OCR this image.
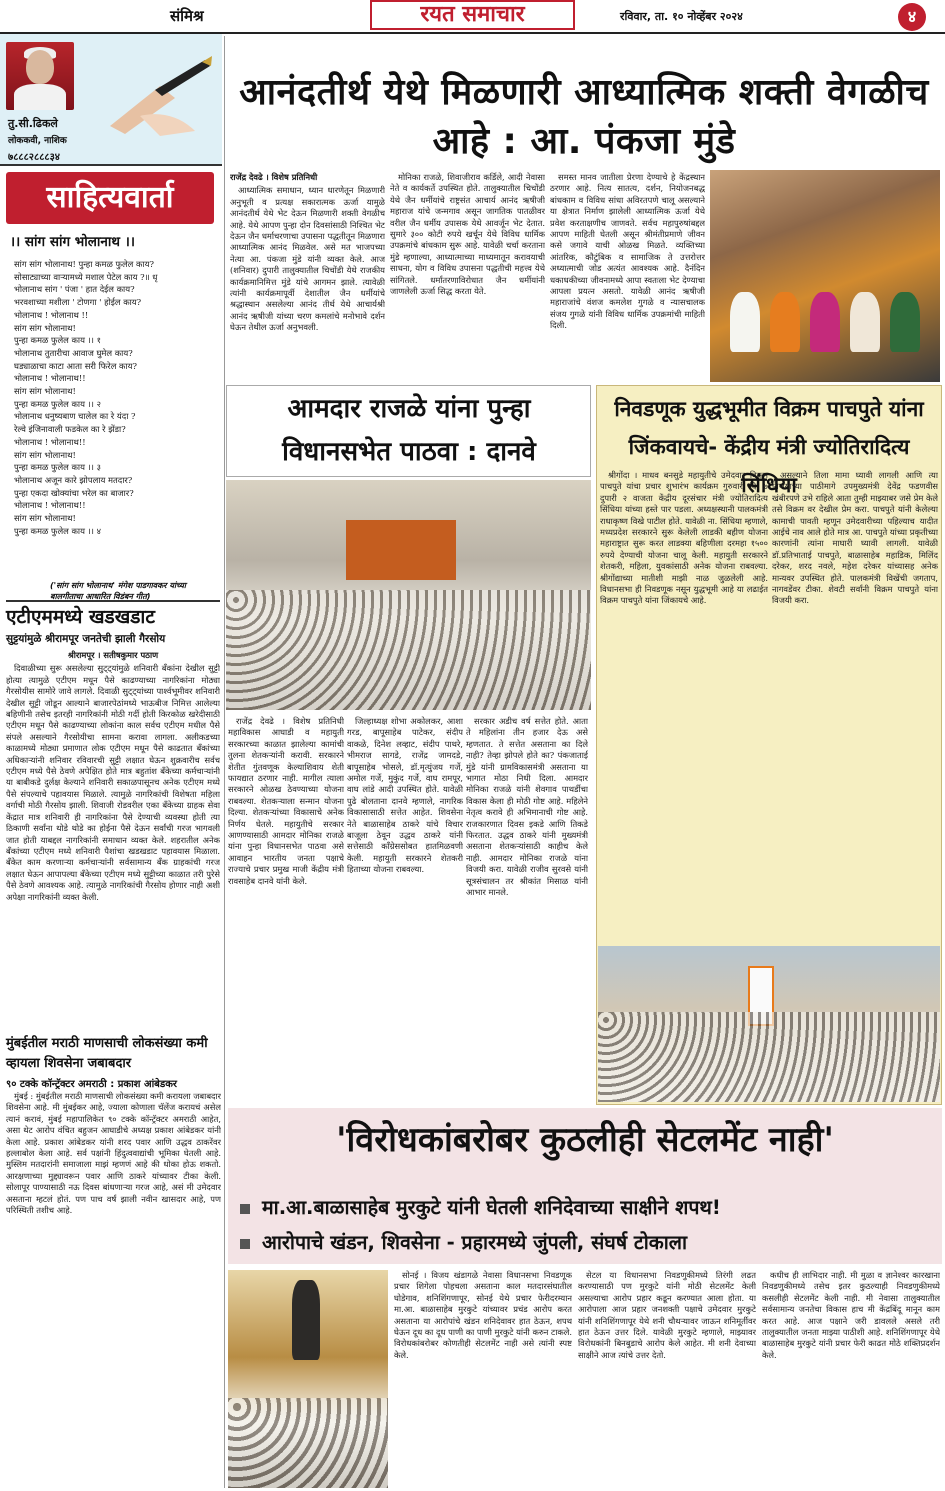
संमिश्र	रयत समाचार	रविवार, ता. १० नोव्हेंबर २०२४	४
तु.सी.ढिकले
लोककवी, नाशिक
७८८८२८८८३४
साहित्यवार्ता
।। सांग सांग भोलानाथ ।।
सांग सांग भोलानाथ! पुन्हा कमळ फुलेल काय?
सोसाट्याच्या वाऱ्यामध्ये मशाल पेटेल काय ?॥ धृ
भोलानाथ सांग ' पंजा ' हात देईल काय?
भरवशाच्या मशीला ' टोणगा ' होईल काय?
भोलानाथ ! भोलानाथ !!
सांग सांग भोलानाथ!
पुन्हा कमळ फुलेल काय ।। १
भोलानाथ तुतारीचा आवाज घुमेल काय?
घड्याळाचा काटा आता सरी फिरेल काय?
भोलानाथ ! भोलानाथ!!
सांग सांग भोलानाथ!
पुन्हा कमळ फुलेल काय ।। २
भोलानाथ धनुष्यबाण चालेल का रे यंदा ?
रेल्वे इंजिनावाली फडकेल का रे झेंडा?
भोलानाथ ! भोलानाथ!!
सांग सांग भोलानाथ!
पुन्हा कमळ फुलेल काय ।। ३
भोलानाथ अजून कारे झोपलाय मतदार?
पुन्हा एकदा खोक्यांचा भरेल का बाजार?
भोलानाथ ! भोलानाथ!!
सांग सांग भोलानाथ!
पुन्हा कमळ फुलेल काय ।। ४
('सांग सांग भोलानाथ' मंगेश पाडगावकर यांच्या बालगीताचा आधारित विडंबन गीत)
एटीएममध्ये खडखडाट
सुट्टयांमुळे श्रीरामपूर जनतेची झाली गैरसोय

श्रीरामपूर । सतीषकुमार पठाण

दिवाळीच्या सुरू असलेल्या सुट्ट्यांमुळे शनिवारी बँकांना देखील सुट्टी होत्या त्यामुळे एटीएम मधून पैसे काढण्याच्या नागरिकांना मोठ्या गैरसोयीस सामोरे जावे लागले. दिवाळी सुट्ट्यांच्या पार्श्वभूमीवर शनिवारी देखील सुट्टी जोडून आल्याने बाजारपेठांमध्ये भाऊबीज निमित्त आलेल्या बहिणीनी तसेच इतरही नागरिकांनी मोठी गर्दी होती किरकोळ खरेदीसाठी एटीएम मधून पैसे काढण्याच्या लोकांना काल सर्वच एटीएम मधील पैसे संपले असल्याने गैरसोयीचा सामना करावा लागला. अलीकडच्या काळामध्ये मोठ्या प्रमाणात लोक एटीएम मधून पैसे काढतात बँकांच्या अधिकाऱ्यांनी शनिवार रविवारची सुट्टी लक्षात घेऊन शुक्रवारीच सर्वच एटीएम मध्ये पैसे ठेवणे अपेक्षित होते मात्र बहुतांश बँकेच्या कर्मचाऱ्यांनी या बाबीकडे दुर्लक्ष केल्याने शनिवारी सकाळपासूनच अनेक एटीएम मध्ये पैसे संपल्याचे पहावयास मिळाले. त्यामुळे नागरिकांची विशेषता महिला वर्गाची मोठी गैरसोय झाली. शिवाजी रोडवरील एका बँकेच्या ग्राहक सेवा केंद्रात मात्र शनिवारी ही नागरिकांना पैसे देण्याची व्यवस्था होती त्या ठिकाणी सर्वांना थोडे थोडे का होईना पैसे देऊन सर्वांची गरज भागवली जात होती याबद्दल नागरिकांनी समाधान व्यक्त केले. शहरातील अनेक बँकांच्या एटीएम मध्ये शनिवारी पैशांचा खडखडाट पहावयास मिळाला. बँकेत काम करणाऱ्या कर्मचाऱ्यांनी सर्वसामान्य बँक ग्राहकांची गरज लक्षात घेऊन आपापल्या बँकेच्या एटीएम मध्ये सुट्टीच्या काळात तरी पुरेसे पैसे ठेवणे आवश्यक आहे. त्यामुळे नागरिकांची गैरसोय होणार नाही अशी अपेक्षा नागरिकांनी व्यक्त केली.

मुंबईतील मराठी माणसाची लोकसंख्या कमी व्हायला शिवसेना जबाबदार
९० टक्के कॉन्ट्रॅक्टर अमराठी : प्रकाश आंबेडकर

मुंबई : मुंबईतील मराठी माणसाची लोकसंख्या कमी करायला जबाबदार शिवसेना आहे. मी मुंबईकर आहे, ज्याला कोणाला चॅलेंज करायचं असेल त्यानं करावं, मुंबई महापालिकेत ९० टक्के कॉन्ट्रॅक्टर अमराठी आहेत, असा थेट आरोप वंचित बहुजन आघाडीचे अध्यक्ष प्रकाश आंबेडकर यांनी केला आहे. प्रकाश आंबेडकर यांनी शरद पवार आणि उद्धव ठाकरेंवर हल्लाबोल केला आहे. सर्व पक्षांनी हिंदुत्ववाद्यांची भूमिका घेतली आहे. मुस्लिम मतदारांनी समाजाला माझं म्हणणं आहे की धोका होऊ शकतो. आरक्षणाच्या मुद्द्यावरून पवार आणि ठाकरे यांच्यावर टीका केली. सोलापूर पाण्यासाठी नऊ दिवस बांधणाऱ्या गरज आहे, असं मी उमेदवार असताना म्हटलं होतं. पण पाच वर्षं झाली नवीन खासदार आहे, पण परिस्थिती तशीच आहे.

आनंदतीर्थ येथे मिळणारी आध्यात्मिक शक्ती वेगळीच आहे : आ. पंकजा मुंडे

राजेंद्र देवढे । विशेष प्रतिनिधी

आध्यात्मिक समाधान, ध्यान धारणेतून मिळणारी अनुभूती व प्रत्यक्ष सकारात्मक ऊर्जा यामुळे आनंदतीर्थ येथे भेट देऊन मिळणारी शक्ती वेगळीच आहे. येथे आपण पुन्हा दोन दिवसांसाठी निश्चित भेट देऊन जैन धर्माचरणाचा उपासना पद्धतीतून मिळणारा आध्यात्मिक आनंद मिळवेल. असे मत भाजपच्या नेत्या आ. पंकजा मुंडे यांनी व्यक्त केले. आज (शनिवार) दुपारी तालुक्यातील चिचोंडी येथे राजकीय कार्यक्रमानिमित्त मुंडे यांचे आगमन झाले. त्यावेळी त्यांनी कार्यक्रमापूर्वी देशातील जैन धर्मीयांचे श्रद्धास्थान असलेल्या आनंद तीर्थ येथे आचार्यश्री आनंद ऋषीजी यांच्या चरण कमलांचे मनोभावे दर्शन घेऊन तेथील ऊर्जा अनुभवली.

मोनिका राजळे, शिवाजीराव कर्डिले, आदी नेवासा नेते व कार्यकर्ते उपस्थित होते. तालुक्यातील चिचोंडी येथे जैन धर्मीयांचे राष्ट्रसंत आचार्य आनंद ऋषीजी महाराज यांचे जन्मगाव असून जागतिक पातळीवर वरील जैन धर्मीय उपासक येथे आवर्जून भेट देतात. सुमारे ३०० कोटी रुपये खर्चून येथे विविध धार्मिक उपक्रमांचे बांधकाम सुरू आहे. यावेळी चर्चा करताना मुंडे म्हणाल्या, आध्यात्माच्या माध्यमातून करावयाची साधना, योग व विविध उपासना पद्धतीची महत्त्व येथे सांगितले. धर्मांतरणाविरोधात जैन धर्मीयांनी जाणलेली ऊर्जा सिद्ध करता येते.

समस्त मानव जातीला प्रेरणा देण्याचे हे केंद्रस्थान ठरणार आहे. नित्य सातत्य, दर्शन, नियोजनबद्ध बांधकाम व विविध सांधा अविरतपणे चालू असल्याने या क्षेत्रात निर्माण झालेली आध्यात्मिक ऊर्जा येथे प्रवेश करताक्षणीच जाणवते. सर्वच महापुरुषांबद्दल आपण माहिती घेतली असून श्रीमंतीप्रमाणे जीवन कसे जगावे याची ओळख मिळते. व्यक्तिच्या आंतरिक, कौटुंबिक व सामाजिक ते उत्तरोत्तर अध्यात्माची जोड अत्यंत आवश्यक आहे. दैनंदिन धकाधकीच्या जीवनामध्ये आपा स्वतःला भेट देण्याचा आपला प्रयत्न असतो. यावेळी आनंद ऋषीजी महाराजांचे वंशज कमलेश गुगळे व न्यासचालक संजय गुगळे यांनी विविध धार्मिक उपक्रमांची माहिती दिली.

आमदार राजळे यांना पुन्हा विधानसभेत पाठवा : दानवे

राजेंद्र देवढे । विशेष प्रतिनिधी महाविकास आघाडी व महायुती सरकारच्या काळात झालेल्या कामांची तुलना शेतकऱ्यांनी करावी. सरकारने शेतीत गुंतवणूक केल्याशिवाय शेती फायद्यात ठरणार नाही. मागील त्याला सरकारने ओळख ठेवण्याच्या योजना राबवल्या. शेतकऱ्याला सन्मान योजना दिल्या. शेतकऱ्यांच्या विकासाचे अनेक निर्णय घेतले. महायुतीचे सरकार आणण्यासाठी आमदार मोनिका राजळे यांना पुन्हा विधानसभेत पाठवा असे आवाहन भारतीय जनता पक्षाचे राज्याचे प्रचार प्रमुख माजी केंद्रीय मंत्री रावसाहेब दानवे यांनी केले.

जिल्हाध्यक्ष शोभा अकोलकर, आशा गरड, बापूसाहेब पाटेकर, संदीप वाकळे, दिनेश लव्हाट, संदीप पाथरे, भीमराज सागडे, राजेंद्र जामदडे, बापूसाहेब भोसले, डॉ.मृत्युंजय गर्जे, अमोल गर्जे, मुकुंद गर्जे, वाघ रामपूर, वाघ लांडे आदी उपस्थित होते. यावेळी पुढे बोलताना दानवे म्हणाले, नागरिक विकासासाठी सत्तेत आहेत. शिवसेना नेते बाळासाहेब ठाकरे यांचे विचार बाजूला ठेवून उद्धव ठाकरे यांनी सत्तेसाठी काँग्रेससोबत हातमिळवणी केली. महायुती सरकारने शेतकरी हिताच्या योजना राबवल्या.

सरकार अडीच वर्ष सत्तेत होते. आता ते महिलांना तीन हजार देऊ असे म्हणतात. ते सत्तेत असताना का दिले नाही? तेव्हा झोपले होते का? पंकजाताई मुंडे यांनी ग्रामविकासमंत्री असताना या भागात मोठा निधी दिला. आमदार मोनिका राजळे यांनी शेवगाव पाथर्डीचा विकास केला ही मोठी गोष्ट आहे. महिलेने नेतृत्व करावे ही अभिमानाची गोष्ट आहे. राजकारणात दिवस इकडे आणि तिकडे फिरतात. उद्धव ठाकरे यांनी मुख्यमंत्री असताना शेतकऱ्यांसाठी काहीच केले नाही. आमदार मोनिका राजळे यांना विजयी करा. यावेळी राजीव सुरवसे यांनी सूत्रसंचालन तर श्रीकांत मिसाळ यांनी आभार मानले.

निवडणूक युद्धभूमीत विक्रम पाचपुते यांना जिंकवायचे- केंद्रीय मंत्री ज्योतिरादित्य सिंधिया

श्रीगोंदा । माधव बनसुडे महायुतीचे उमेदवार विक्रम पाचपुते यांचा प्रचार शुभारंभ कार्यक्रम गुरुवारी दि. ७ दुपारी २ वाजता केंद्रीय दूरसंचार मंत्री ज्योतिरादित्य सिंधिया यांच्या हस्ते पार पडला. अध्यक्षस्थानी पालकमंत्री राधाकृष्ण विखे पाटील होते. यावेळी ना. सिंधिया म्हणाले, मध्यप्रदेश सरकारने सुरू केलेली लाडकी बहीण योजना महाराष्ट्रात सुरू करत लाडक्या बहिणीला दरमहा १५०० रुपये देण्याची योजना चालू केली. महायुती सरकारने शेतकरी, महिला, युवकांसाठी अनेक योजना राबवल्या. श्रीगोंद्याच्या मातीशी माझी नाळ जुळलेली आहे. विधानसभा ही निवडणूक नसून युद्धभूमी आहे या लढाईत विक्रम पाचपुते यांना जिंकायचे आहे.

असल्याने तिला मामा घ्यावी लागली आणि त्या निर्णयाच्या पाठीमागे उपमुख्यमंत्री देवेंद्र फडणवीस खंबीरपणे उभे राहिले आता तुम्ही माझ्याबर जसे प्रेम केले तसे विक्रम वर देखील प्रेम करा. पाचपुते यांनी केलेल्या कामाची पावती म्हणून उमेदवारीच्या पहिल्याच यादीत आईचे नाव आले होते मात्र आ. पाचपुते यांच्या प्रकृतीच्या कारणांनी त्यांना माघारी घ्यावी लागली. यावेळी डॉ.प्रतिभाताई पाचपुते, बाळासाहेब महाडिक, मिलिंद दरेकर, शरद नवले, महेश दरेकर यांच्यासह अनेक मान्यवर उपस्थित होते. पालकमंत्री विखेंची जगताप, नागवडेंवर टीका. शेवटी सर्वांनी विक्रम पाचपुते यांना विजयी करा.

'विरोधकांबरोबर कुठलीही सेटलमेंट नाही'
मा.आ.बाळासाहेब मुरकुटे यांनी घेतली शनिदेवाच्या साक्षीने शपथ!
आरोपाचे खंडन, शिवसेना - प्रहारमध्ये जुंपली, संघर्ष टोकाला

सोनई । विजय खंडागळे नेवासा विधानसभा निवडणूक प्रचार शिगेला पोहचला असताना काल मतदारसंघातील घोडेगाव, शनिशिंगणापूर, सोनई येथे प्रचार फेरीदरम्यान मा.आ. बाळासाहेब मुरकुटे यांच्यावर प्रचंड आरोप करत असताना या आरोपांचे खंडन शनिदेवावर हात ठेऊन, शपथ घेऊन दूध का दूध पाणी का पाणी मुरकुटे यांनी करुन टाकले. विरोधकांबरोबर कोणतीही सेटलमेंट नाही असे त्यांनी स्पष्ट केले.

सेटल या विधानसभा निवडणुकीमध्ये तिरंगी लढत करण्यासाठी पण मुरकुटे यांनी मोठी सेटलमेंट केली असल्याचा आरोप प्रहार कडून करण्यात आला होता. या आरोपाला आज प्रहार जनशक्ती पक्षाचे उमेदवार मुरकुटे यांनी शनिशिंगणापूर येथे शनी चौथऱ्यावर जाऊन शनिमूर्तीवर हात ठेऊन उत्तर दिले. यावेळी मुरकुटे म्हणाले, माझ्यावर विरोधकांनी बिनबुडाचे आरोप केले आहेत. मी शनी देवाच्या साक्षीने आज त्यांचे उत्तर देतो.

कधीच ही लाभिदार नाही. मी मुळा व ज्ञानेश्वर कारखाना निवडणुकीमध्ये तसेच इतर कुठल्याही निवडणुकीमध्ये कसलीही सेटलमेंट केली नाही. मी नेवासा तालुक्यातील सर्वसामान्य जनतेचा विकास हाच मी केंद्रबिंदू मानून काम करत आहे. आज पक्षाने जरी डावलले असले तरी तालुक्यातील जनता माझ्या पाठीशी आहे. शनिशिंगणापूर येथे बाळासाहेब मुरकुटे यांनी प्रचार फेरी काढत मोठे शक्तिप्रदर्शन केले.
